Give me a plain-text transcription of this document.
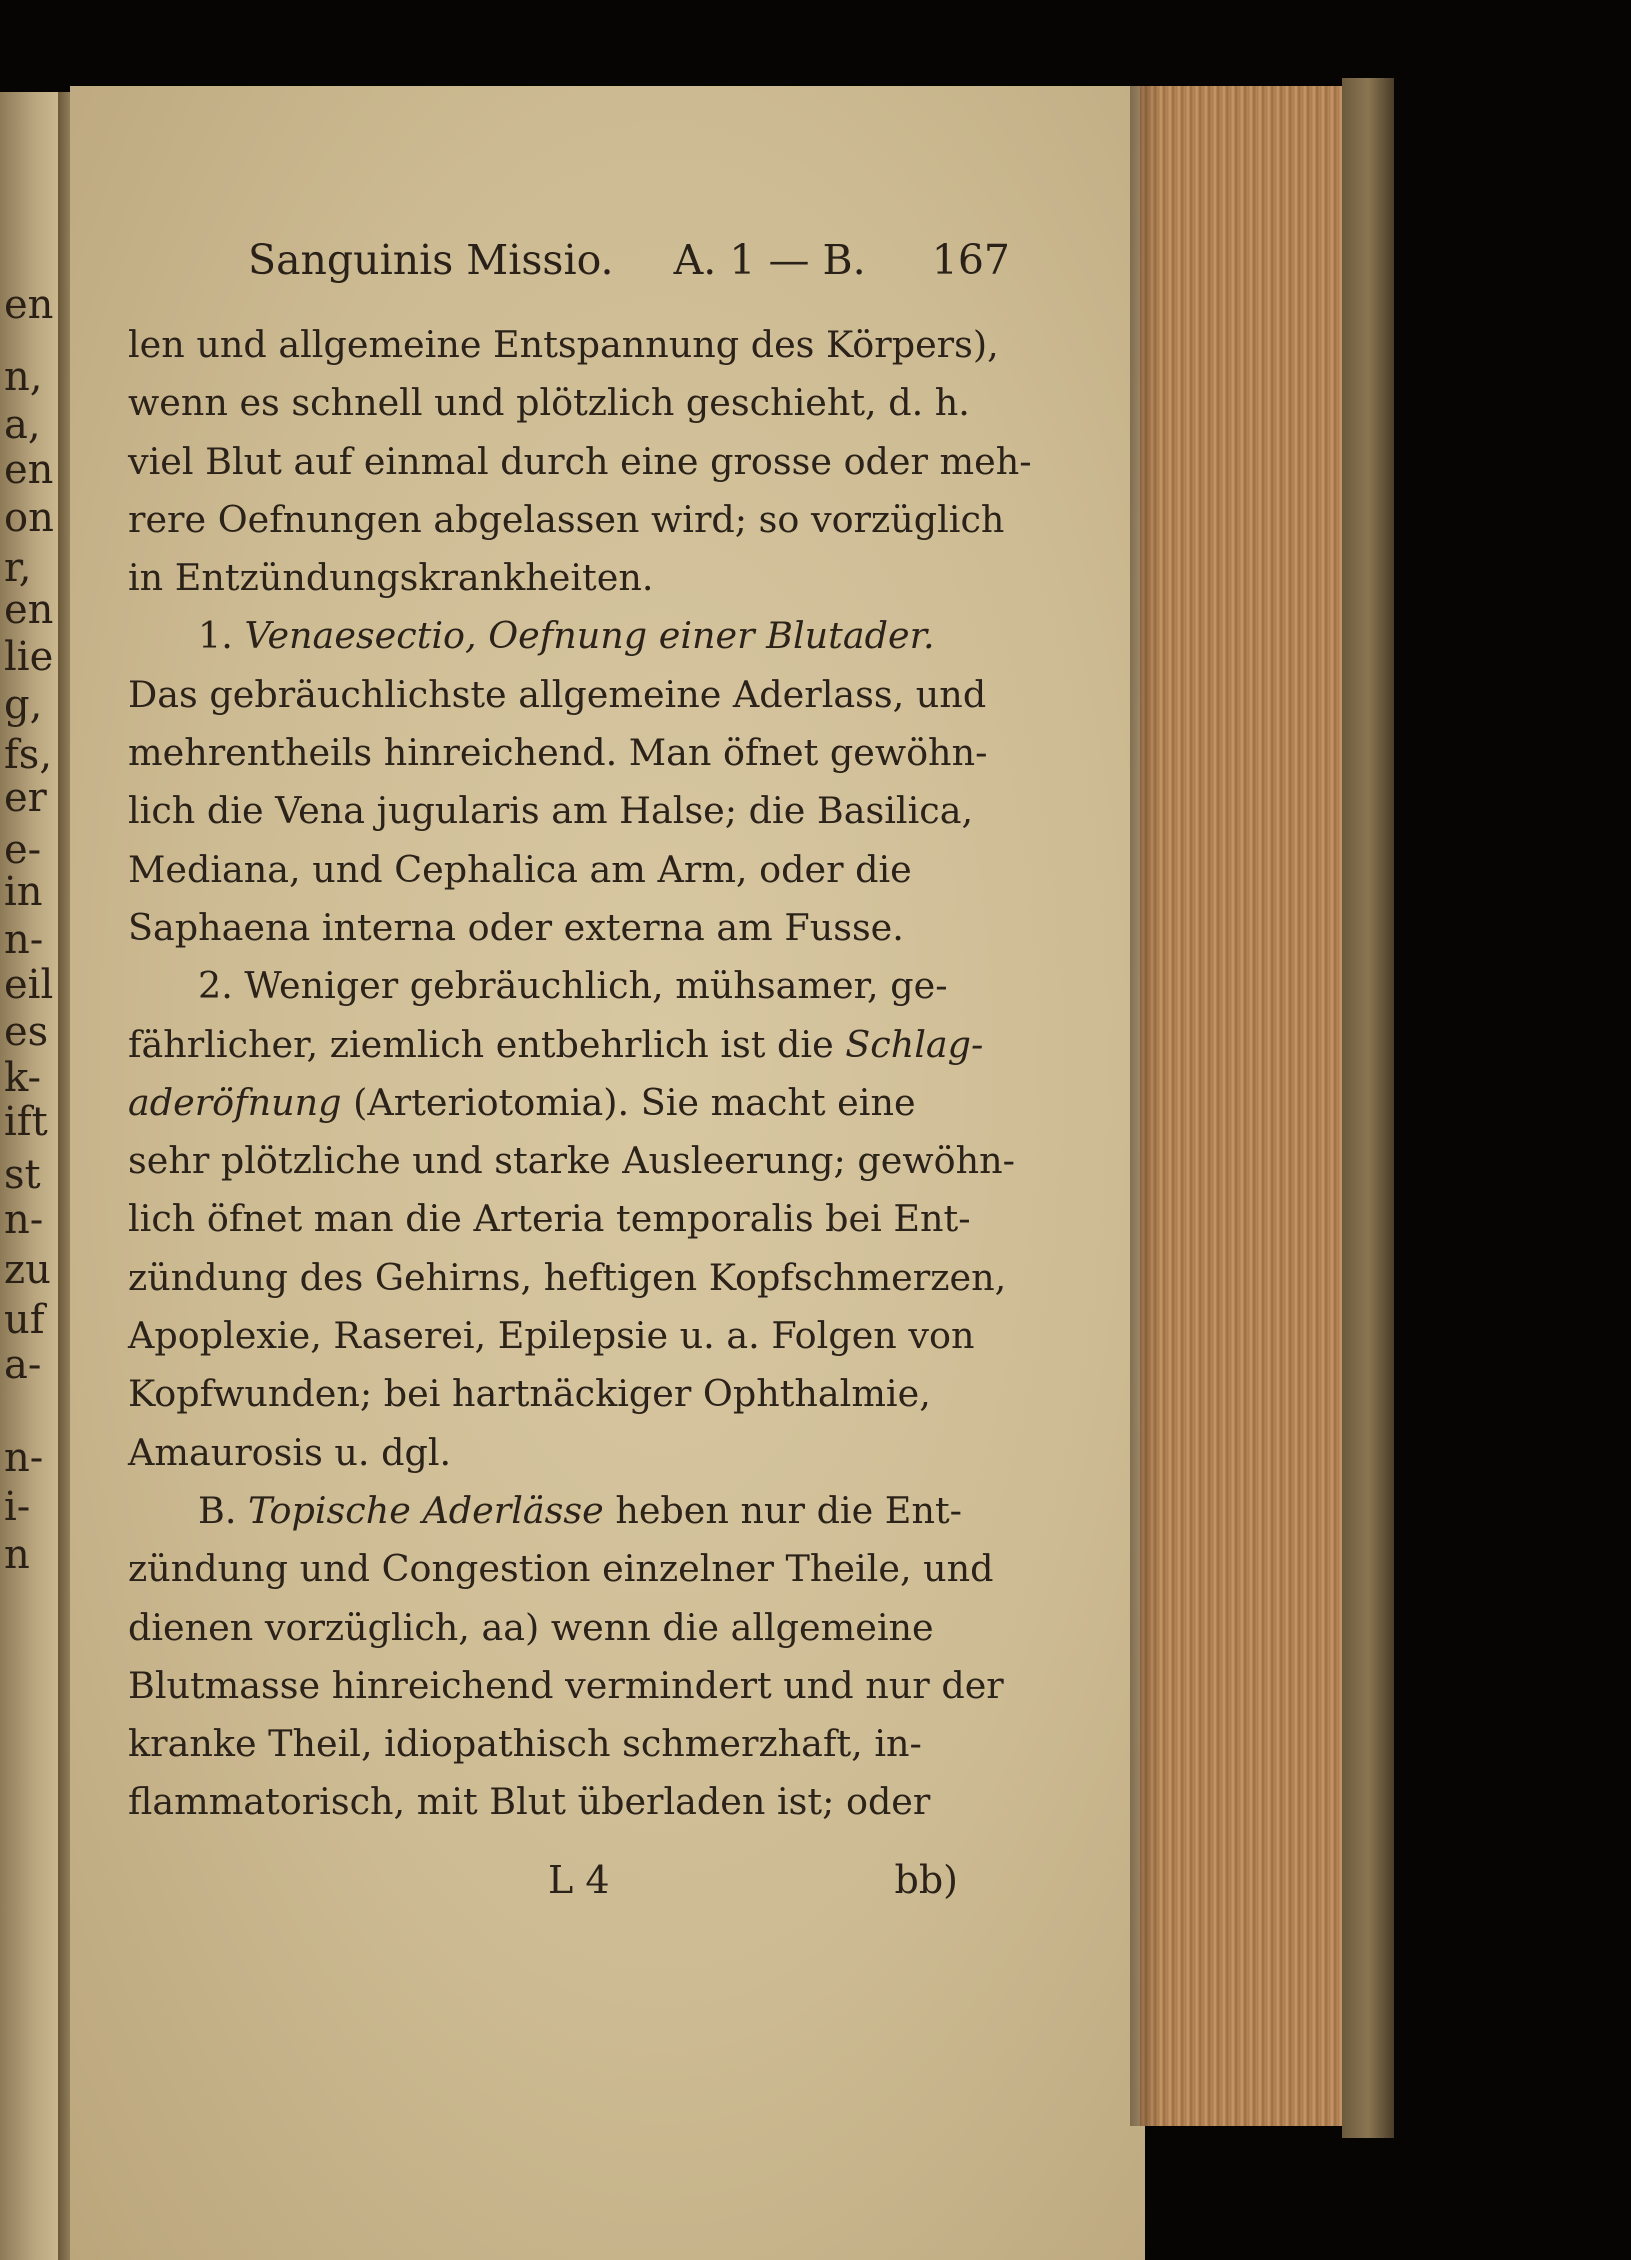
en
n,
a,
en
on
r,
en
lie
g,
fs,
er
e-
in
n-
eil
es
k-
ift
st
n-
zu
uf
a-
n-
i-
n
Sanguinis Missio. A. 1 — B. 167
len und allgemeine Entspannung des Körpers),
wenn es schnell und plötzlich geschieht, d. h.
viel Blut auf einmal durch eine grosse oder meh-
rere Oefnungen abgelassen wird; so vorzüglich
in Entzündungskrankheiten.
1. Venaesectio, Oefnung einer Blutader.
Das gebräuchlichste allgemeine Aderlass, und
mehrentheils hinreichend. Man öfnet gewöhn-
lich die Vena jugularis am Halse; die Basilica,
Mediana, und Cephalica am Arm, oder die
Saphaena interna oder externa am Fusse.
2. Weniger gebräuchlich, mühsamer, ge-
fährlicher, ziemlich entbehrlich ist die Schlag-
aderöfnung (Arteriotomia). Sie macht eine
sehr plötzliche und starke Ausleerung; gewöhn-
lich öfnet man die Arteria temporalis bei Ent-
zündung des Gehirns, heftigen Kopfschmerzen,
Apoplexie, Raserei, Epilepsie u. a. Folgen von
Kopfwunden; bei hartnäckiger Ophthalmie,
Amaurosis u. dgl.
B. Topische Aderlässe heben nur die Ent-
zündung und Congestion einzelner Theile, und
dienen vorzüglich, aa) wenn die allgemeine
Blutmasse hinreichend vermindert und nur der
kranke Theil, idiopathisch schmerzhaft, in-
flammatorisch, mit Blut überladen ist; oder
L 4	bb)
